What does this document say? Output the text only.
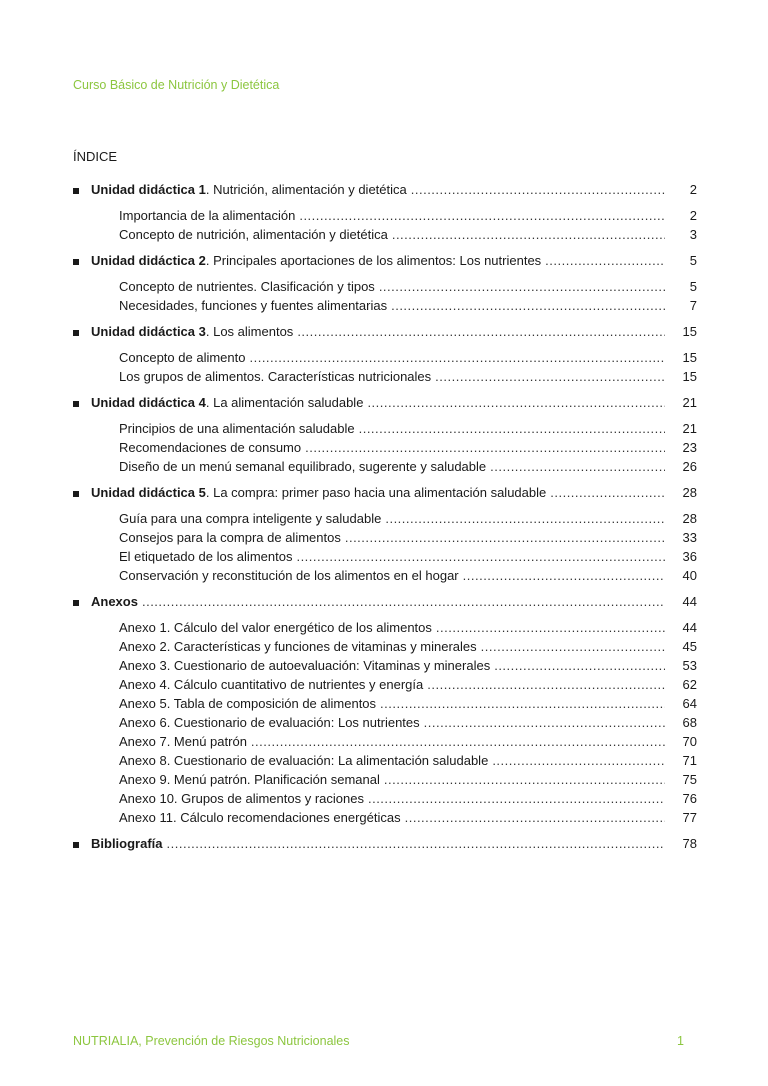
Curso Básico de Nutrición y Dietética
ÍNDICE
Unidad didáctica 1. Nutrición, alimentación y dietética .....	2
Importancia de la alimentación .....	2
Concepto de nutrición, alimentación y dietética .....	3
Unidad didáctica 2. Principales aportaciones de los alimentos: Los nutrientes .....	5
Concepto de nutrientes. Clasificación y tipos .....	5
Necesidades, funciones y fuentes alimentarias .....	7
Unidad didáctica 3. Los alimentos .....	15
Concepto de alimento .....	15
Los grupos de alimentos. Características nutricionales .....	15
Unidad didáctica 4. La alimentación saludable .....	21
Principios de una alimentación saludable .....	21
Recomendaciones de consumo .....	23
Diseño de un menú semanal equilibrado, sugerente y saludable .....	26
Unidad didáctica 5. La compra: primer paso hacia una alimentación saludable .....	28
Guía para una compra inteligente y saludable .....	28
Consejos para la compra de alimentos .....	33
El etiquetado de los alimentos .....	36
Conservación y reconstitución de los alimentos en el hogar .....	40
Anexos .....	44
Anexo 1. Cálculo del valor energético de los alimentos .....	44
Anexo 2. Características y funciones de vitaminas y minerales .....	45
Anexo 3. Cuestionario de autoevaluación: Vitaminas y minerales .....	53
Anexo 4. Cálculo cuantitativo de nutrientes y energía .....	62
Anexo 5. Tabla de composición de alimentos .....	64
Anexo 6. Cuestionario de evaluación: Los nutrientes .....	68
Anexo 7. Menú patrón .....	70
Anexo 8. Cuestionario de evaluación: La alimentación saludable .....	71
Anexo 9. Menú patrón. Planificación semanal .....	75
Anexo 10. Grupos de alimentos y raciones .....	76
Anexo 11. Cálculo recomendaciones energéticas .....	77
Bibliografía .....	78
NUTRIALIA, Prevención de Riesgos Nutricionales	1
